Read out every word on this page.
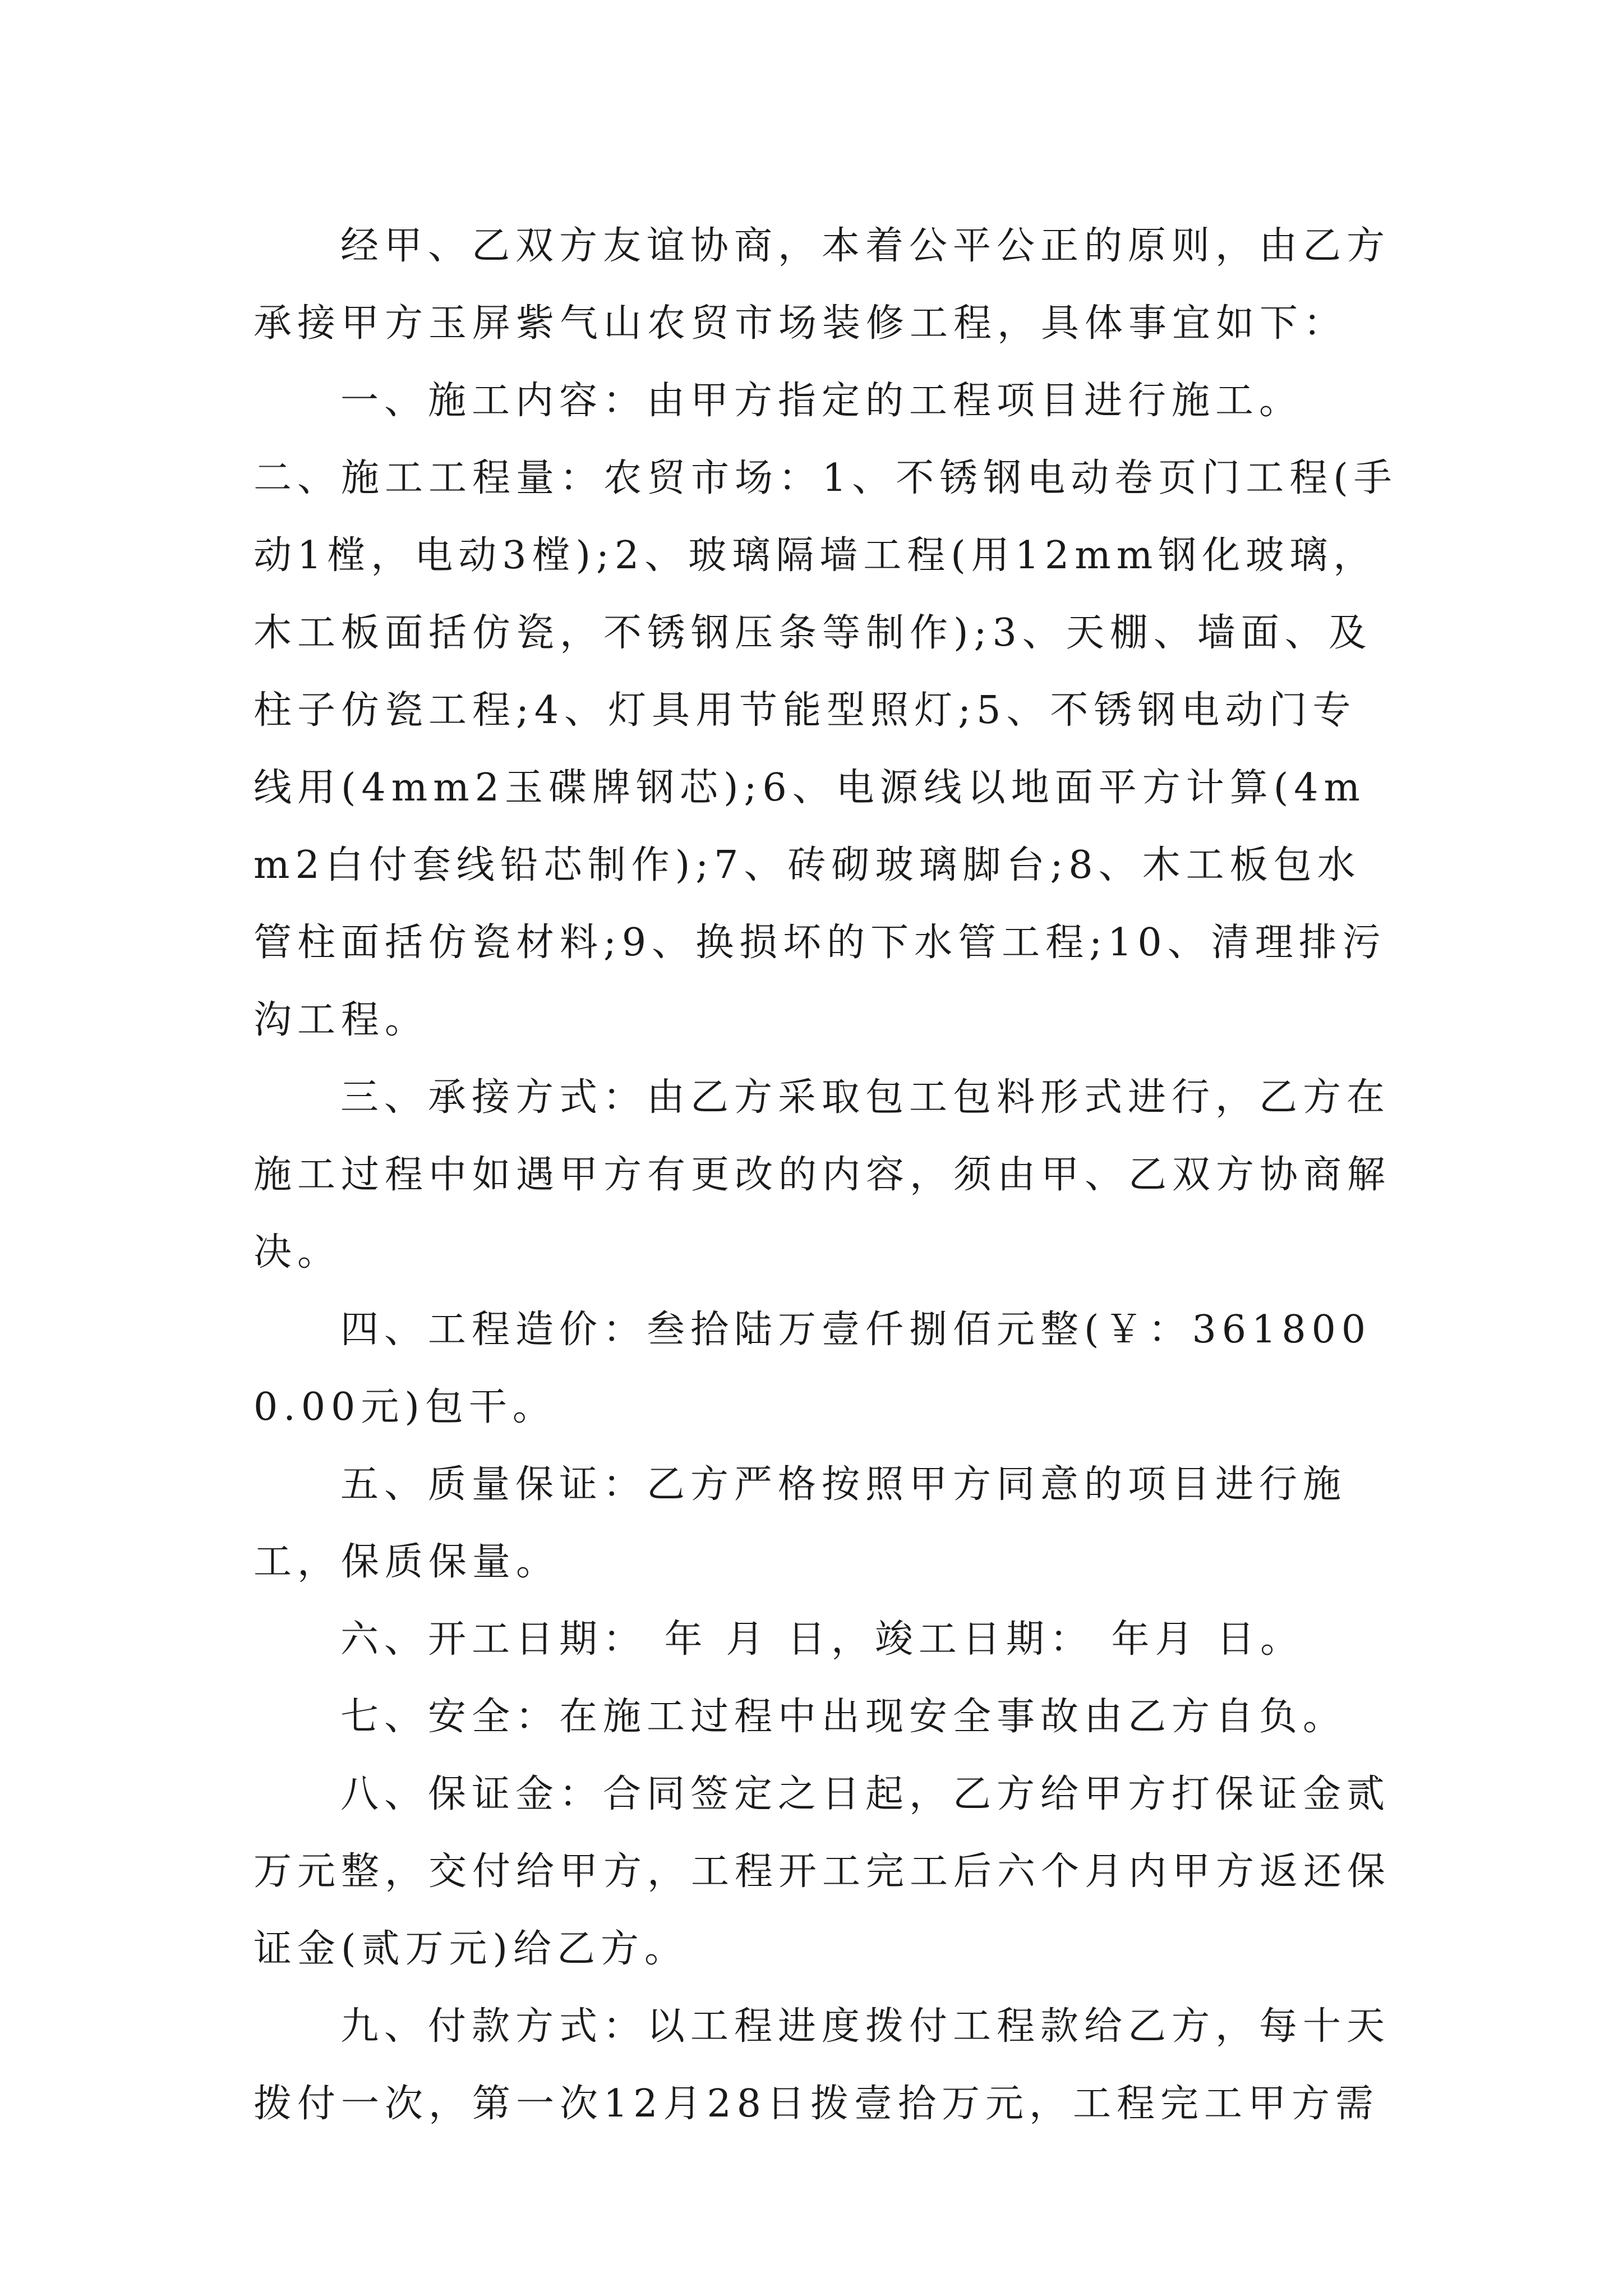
经甲、乙双方友谊协商，本着公平公正的原则，由乙方承接甲方玉屏紫气山农贸市场装修工程，具体事宜如下：

一、施工内容：由甲方指定的工程项目进行施工。 二、施工工程量：农贸市场：1、不锈钢电动卷页门工程(手动1樘，电动3樘);2、玻璃隔墙工程(用12mm钢化玻璃，木工板面括仿瓷，不锈钢压条等制作);3、天棚、墙面、及柱子仿瓷工程;4、灯具用节能型照灯;5、不锈钢电动门专线用(4mm2玉碟牌钢芯);6、电源线以地面平方计算(4mm2白付套线铅芯制作);7、砖砌玻璃脚台;8、木工板包水管柱面括仿瓷材料;9、换损坏的下水管工程;10、清理排污沟工程。

三、承接方式：由乙方采取包工包料形式进行，乙方在施工过程中如遇甲方有更改的内容，须由甲、乙双方协商解决。

四、工程造价：叁拾陆万壹仟捌佰元整(￥：3618000.00元)包干。

五、质量保证：乙方严格按照甲方同意的项目进行施工，保质保量。

六、开工日期： 年 月 日，竣工日期： 年月 日。

七、安全：在施工过程中出现安全事故由乙方自负。

八、保证金：合同签定之日起，乙方给甲方打保证金贰万元整，交付给甲方，工程开工完工后六个月内甲方返还保证金(贰万元)给乙方。

九、付款方式：以工程进度拨付工程款给乙方，每十天拨付一次，第一次12月28日拨壹拾万元，工程完工甲方需
